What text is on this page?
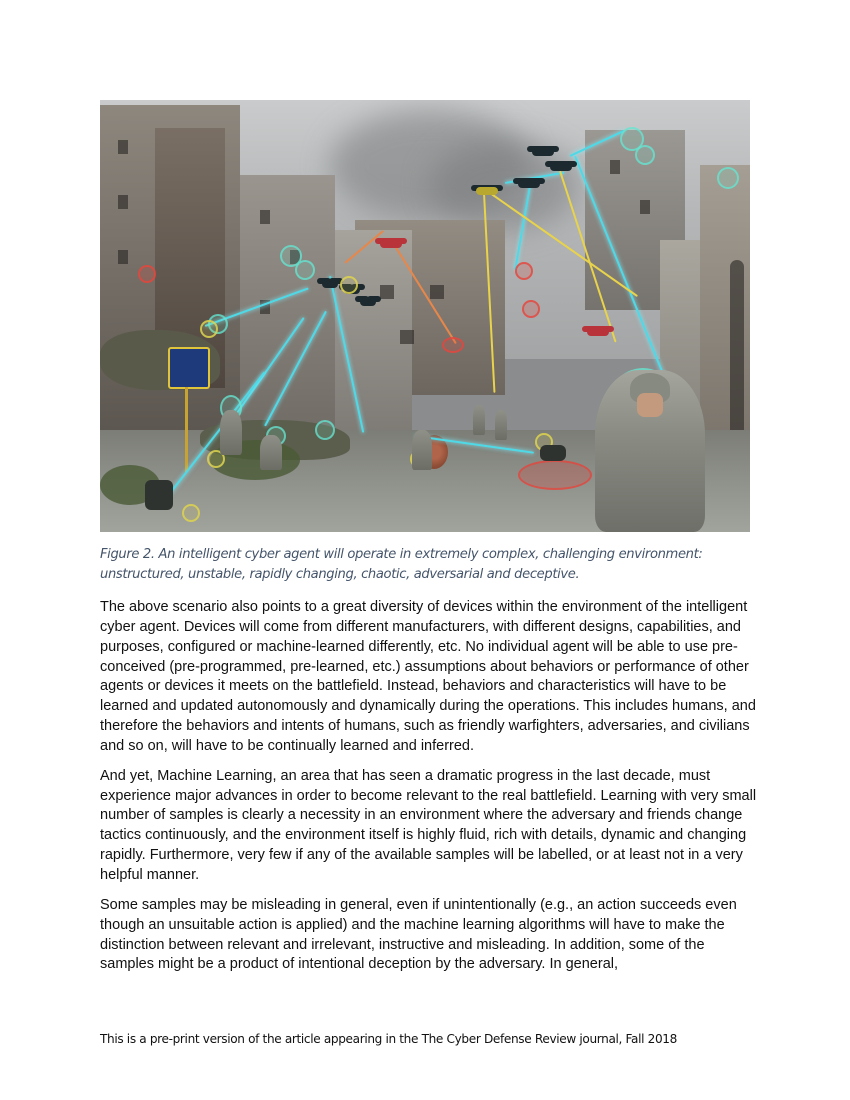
Figure 2. An intelligent cyber agent will operate in extremely complex, challenging environment: unstructured, unstable, rapidly changing, chaotic, adversarial and deceptive.

The above scenario also points to a great diversity of devices within the environment of the intelligent cyber agent. Devices will come from different manufacturers, with different designs, capabilities, and purposes, configured or machine-learned differently, etc. No individual agent will be able to use pre-conceived (pre-programmed, pre-learned, etc.) assumptions about behaviors or performance of other agents or devices it meets on the battlefield. Instead, behaviors and characteristics will have to be learned and updated autonomously and dynamically during the operations. This includes humans, and therefore the behaviors and intents of humans, such as friendly warfighters, adversaries, and civilians and so on, will have to be continually learned and inferred.

And yet, Machine Learning, an area that has seen a dramatic progress in the last decade, must experience major advances in order to become relevant to the real battlefield. Learning with very small number of samples is clearly a necessity in an environment where the adversary and friends change tactics continuously, and the environment itself is highly fluid, rich with details, dynamic and changing rapidly. Furthermore, very few if any of the available samples will be labelled, or at least not in a very helpful manner.

Some samples may be misleading in general, even if unintentionally (e.g., an action succeeds even though an unsuitable action is applied) and the machine learning algorithms will have to make the distinction between relevant and irrelevant, instructive and misleading. In addition, some of the samples might be a product of intentional deception by the adversary. In general,

This is a pre-print version of the article appearing in the The Cyber Defense Review journal, Fall 2018
